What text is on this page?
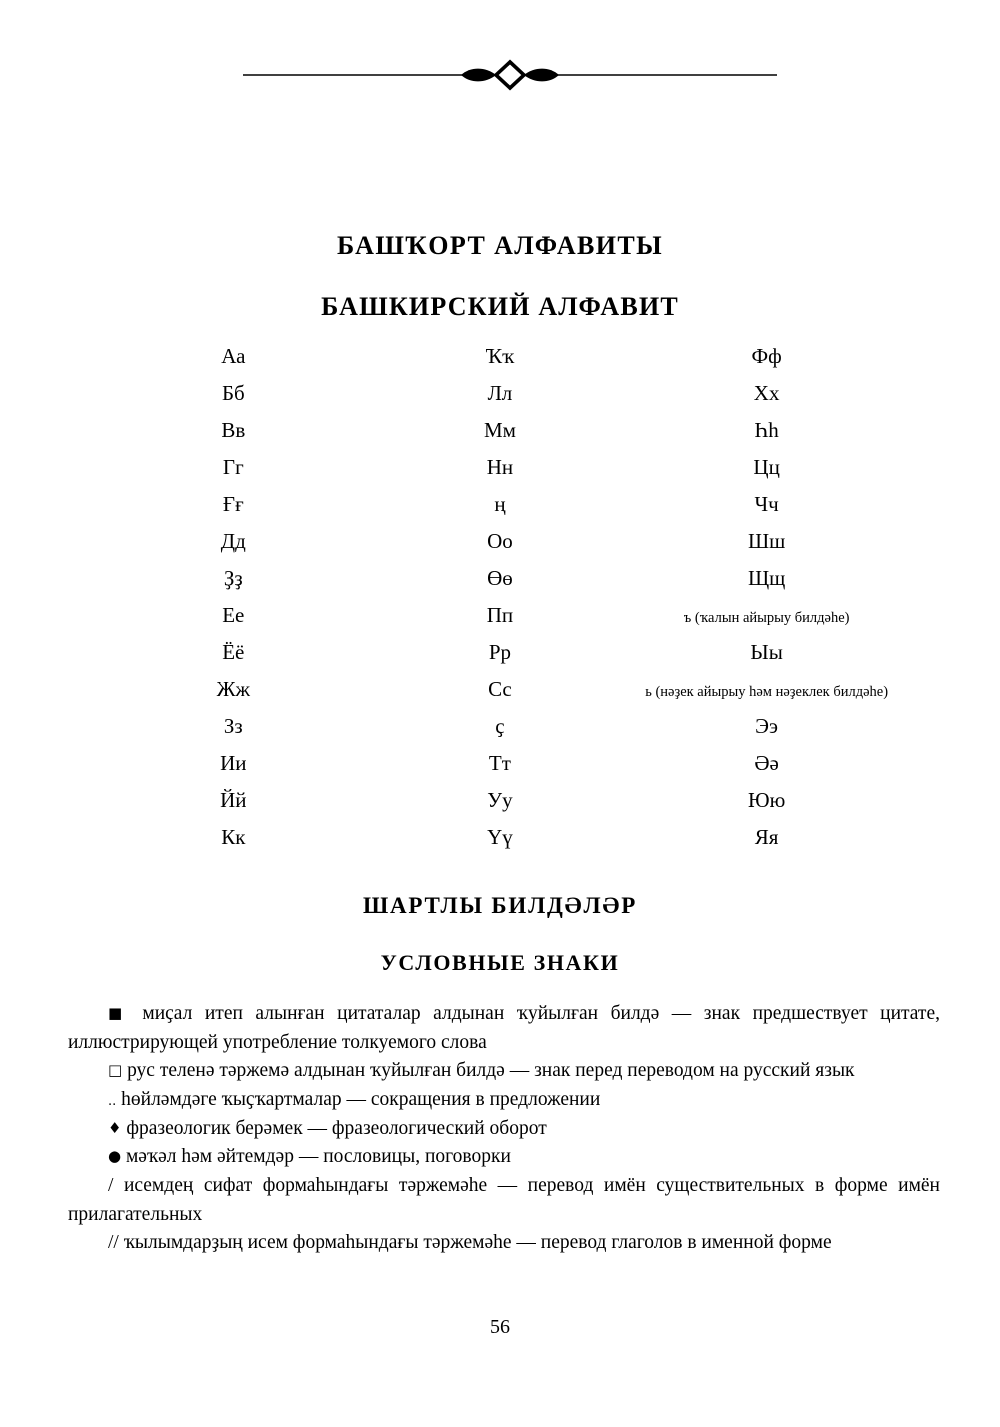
БАШҠОРТ АЛФАВИТЫ
БАШКИРСКИЙ АЛФАВИТ
Аа	Ҡҡ	Фф
Бб	Лл	Хх
Вв	Мм	Һһ
Гг	Нн	Цц
Ғғ	ң	Чч
Дд	Оо	Шш
Ҙҙ	Өө	Щщ
Ее	Пп	ъ (ҡалын айырыу билдәһе)
Ёё	Рр	Ыы
Жж	Сс	ь (нәҙек айырыу һәм нәҙеклек билдәһе)
Зз	ҫ	Ээ
Ии	Тт	Әә
Йй	Уу	Юю
Кк	Үү	Яя
ШАРТЛЫ БИЛДӘЛӘР
УСЛОВНЫЕ ЗНАКИ

■ миҫал итеп алынған цитаталар алдынан ҡуйылған билдә — знак предшествует цитате, иллюстрирующей употребление толкуемого слова

□ рус теленә тәржемә алдынан ҡуйылған билдә — знак перед переводом на русский язык

.. һөйләмдәге ҡыҫҡартмалар — сокращения в предложении

♦ фразеологик берәмек — фразеологический оборот

● мәҡәл һәм әйтемдәр — пословицы, поговорки

/ исемдең сифат формаһындағы тәржемәһе — перевод имён существительных в форме имён прилагательных

// ҡылымдарҙың исем формаһындағы тәржемәһе — перевод глаголов в именной форме

56
